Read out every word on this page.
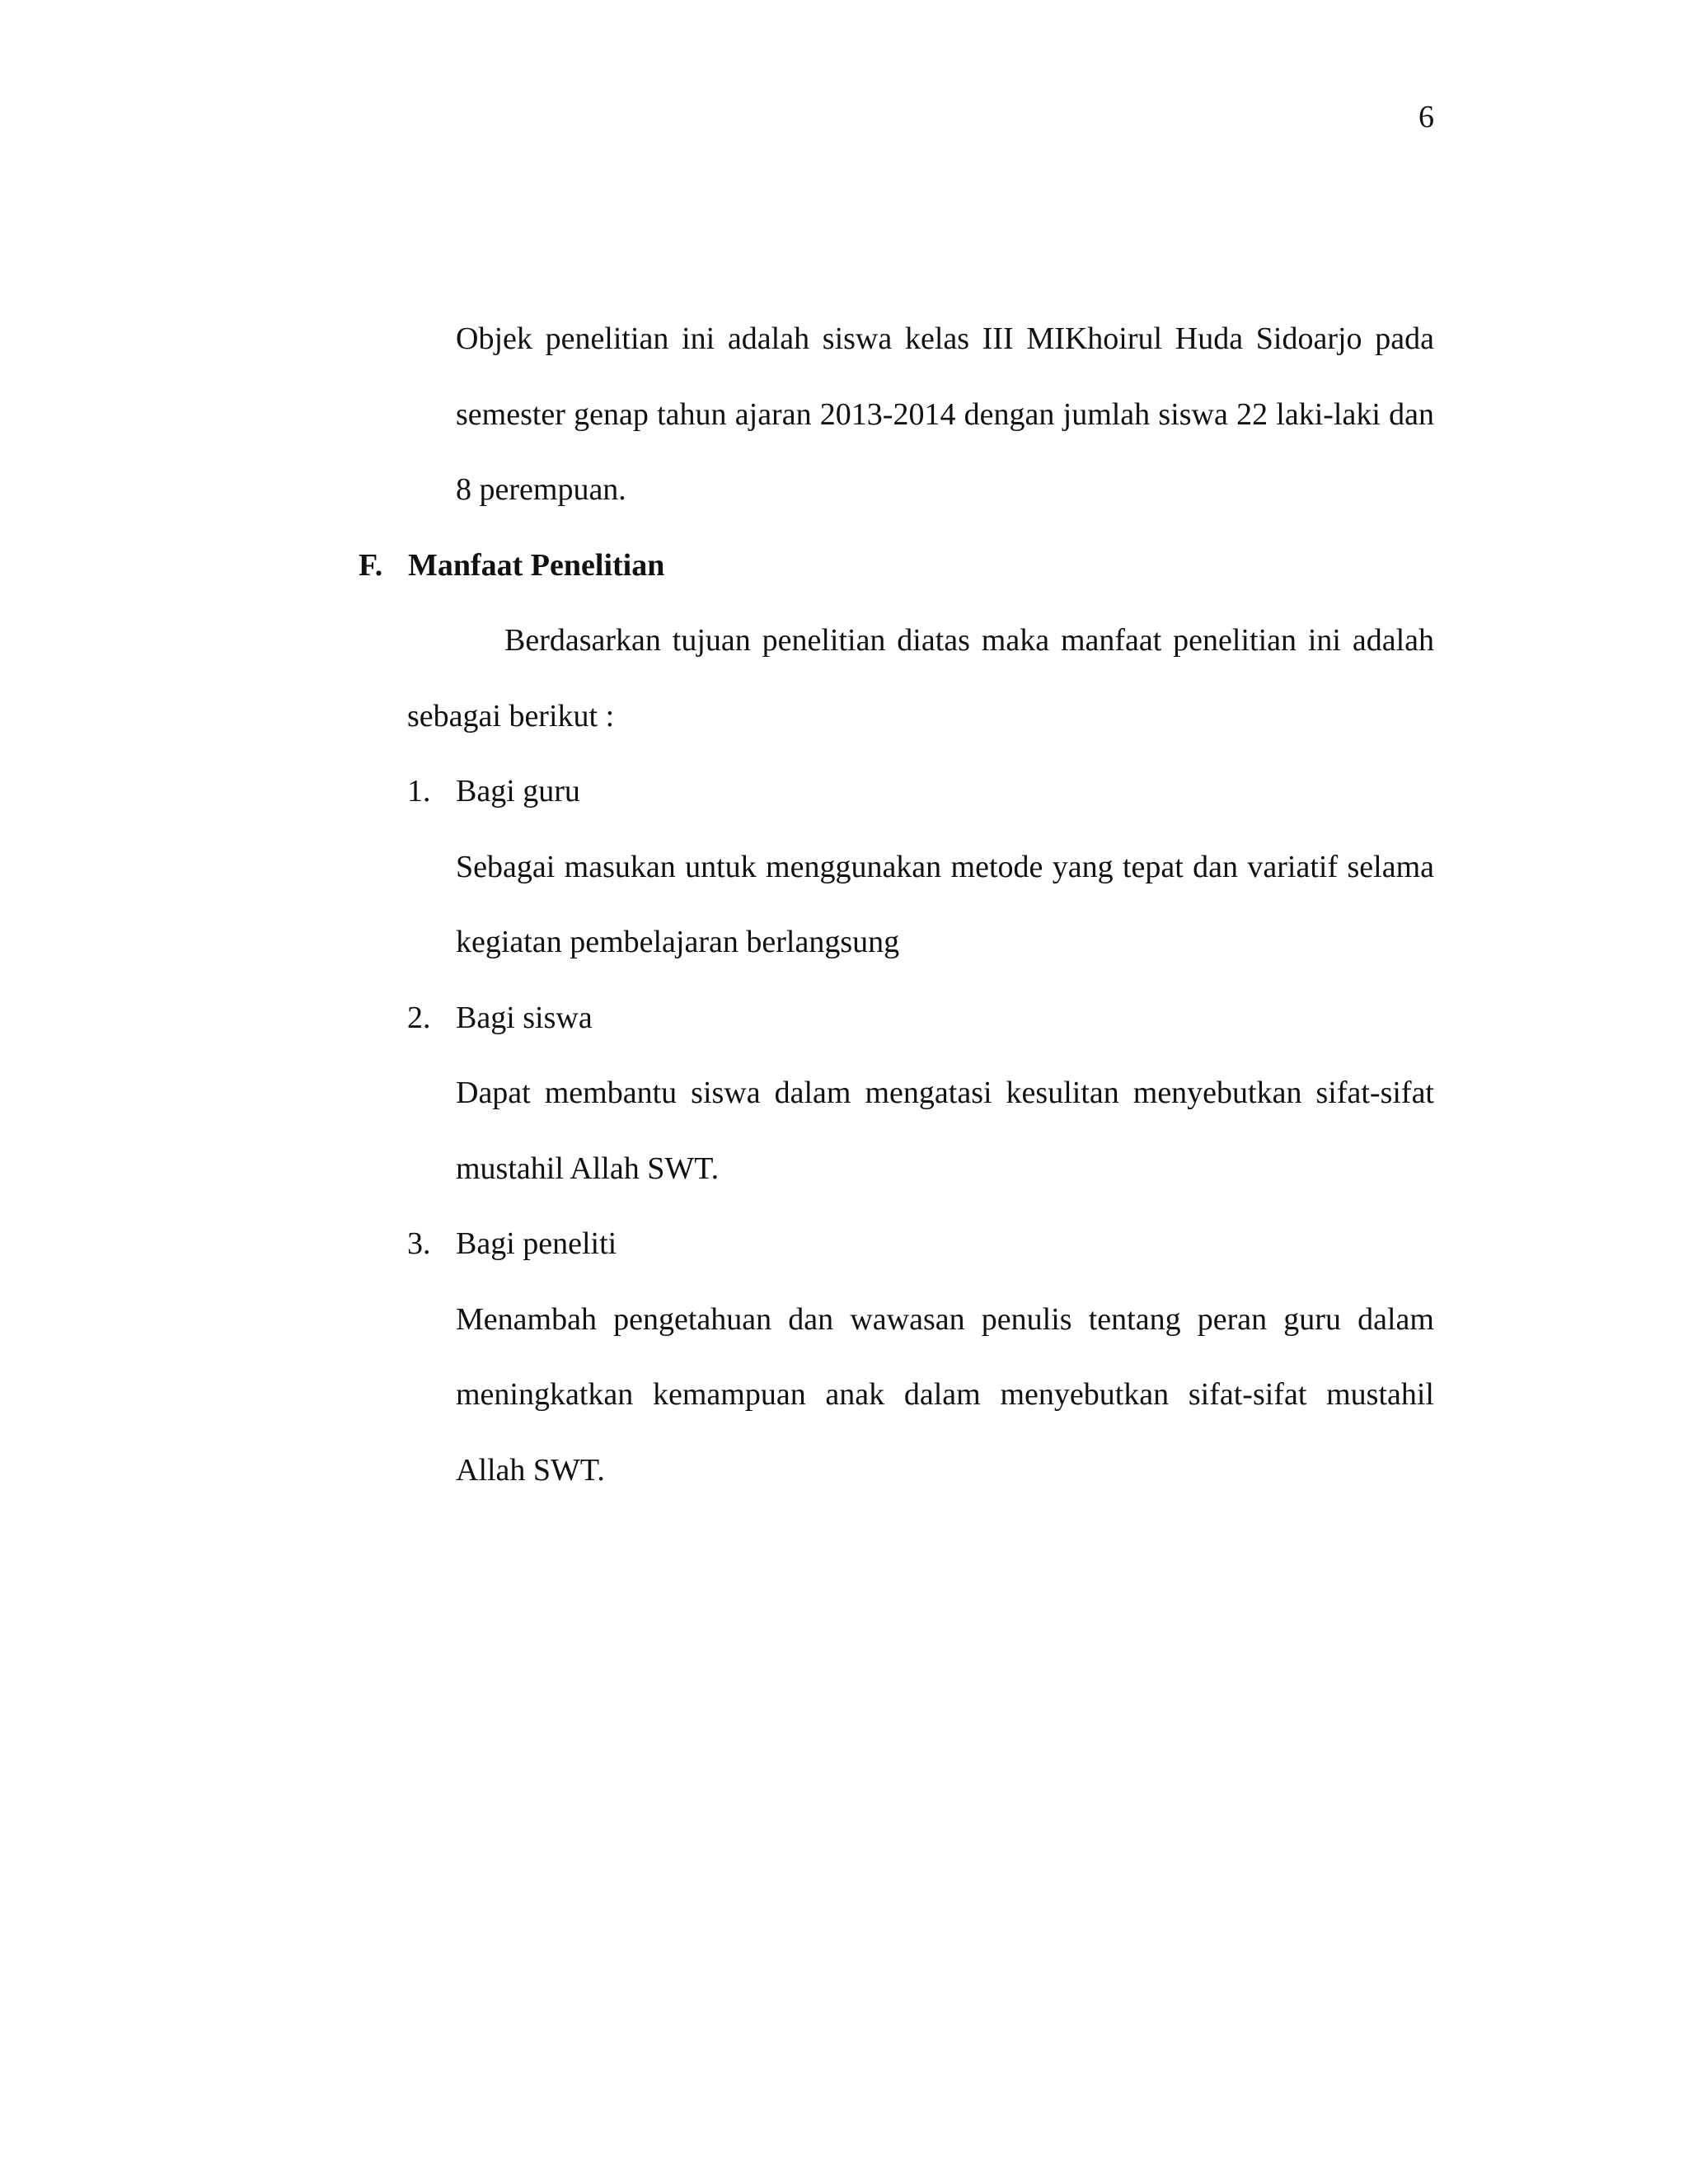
6

Objek penelitian ini adalah siswa kelas III MIKhoirul Huda Sidoarjo pada semester genap tahun ajaran 2013-2014 dengan jumlah siswa 22 laki-laki dan 8 perempuan.

F. Manfaat Penelitian

Berdasarkan tujuan penelitian diatas maka manfaat penelitian ini adalah sebagai berikut :

1. Bagi guru

Sebagai masukan untuk menggunakan metode yang tepat dan variatif selama kegiatan pembelajaran berlangsung

2. Bagi siswa

Dapat membantu siswa dalam mengatasi kesulitan menyebutkan sifat-sifat mustahil Allah SWT.

3. Bagi peneliti

Menambah pengetahuan dan wawasan penulis tentang peran guru dalam meningkatkan kemampuan anak dalam menyebutkan sifat-sifat mustahil Allah SWT.
